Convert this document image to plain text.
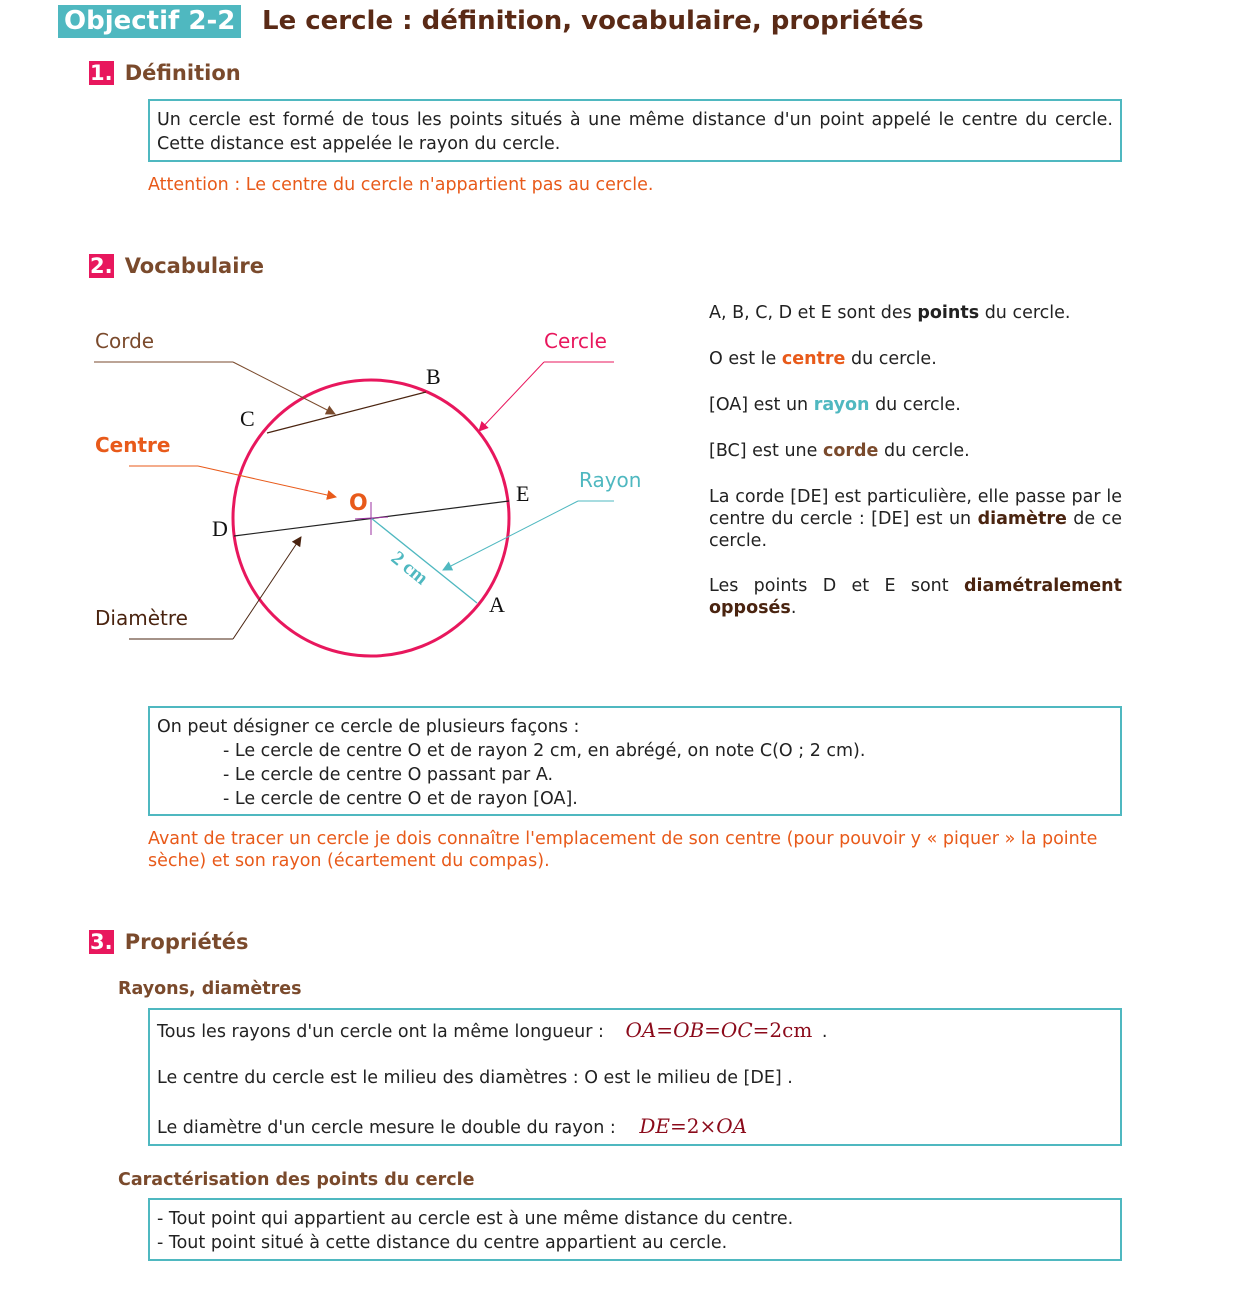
Objectif 2-2 Le cercle : définition, vocabulaire, propriétés
1. Définition
Un cercle est formé de tous les points situés à une même distance d'un point appelé le centre du cercle. Cette distance est appelée le rayon du cercle.
Attention : Le centre du cercle n'appartient pas au cercle.
2. Vocabulaire
Corde	Cercle
Centre
Rayon
Diamètre
O
A
B
C
D
E
2 cm

A, B, C, D et E sont des points du cercle.

O est le centre du cercle.

[OA] est un rayon du cercle.

[BC] est une corde du cercle.

La corde [DE] est particulière, elle passe par le centre du cercle : [DE] est un diamètre de ce cercle.

Les points D et E sont diamétralement opposés.

On peut désigner ce cercle de plusieurs façons :
- Le cercle de centre O et de rayon 2 cm, en abrégé, on note C(O ; 2 cm).
- Le cercle de centre O passant par A.
- Le cercle de centre O et de rayon [OA].
Avant de tracer un cercle je dois connaître l'emplacement de son centre (pour pouvoir y « piquer » la pointe sèche) et son rayon (écartement du compas).
3. Propriétés
Rayons, diamètres
Tous les rayons d'un cercle ont la même longueur : OA=OB=OC=2cm .
Le centre du cercle est le milieu des diamètres : O est le milieu de [DE] .
Le diamètre d'un cercle mesure le double du rayon : DE=2×OA
Caractérisation des points du cercle
- Tout point qui appartient au cercle est à une même distance du centre.
- Tout point situé à cette distance du centre appartient au cercle.
